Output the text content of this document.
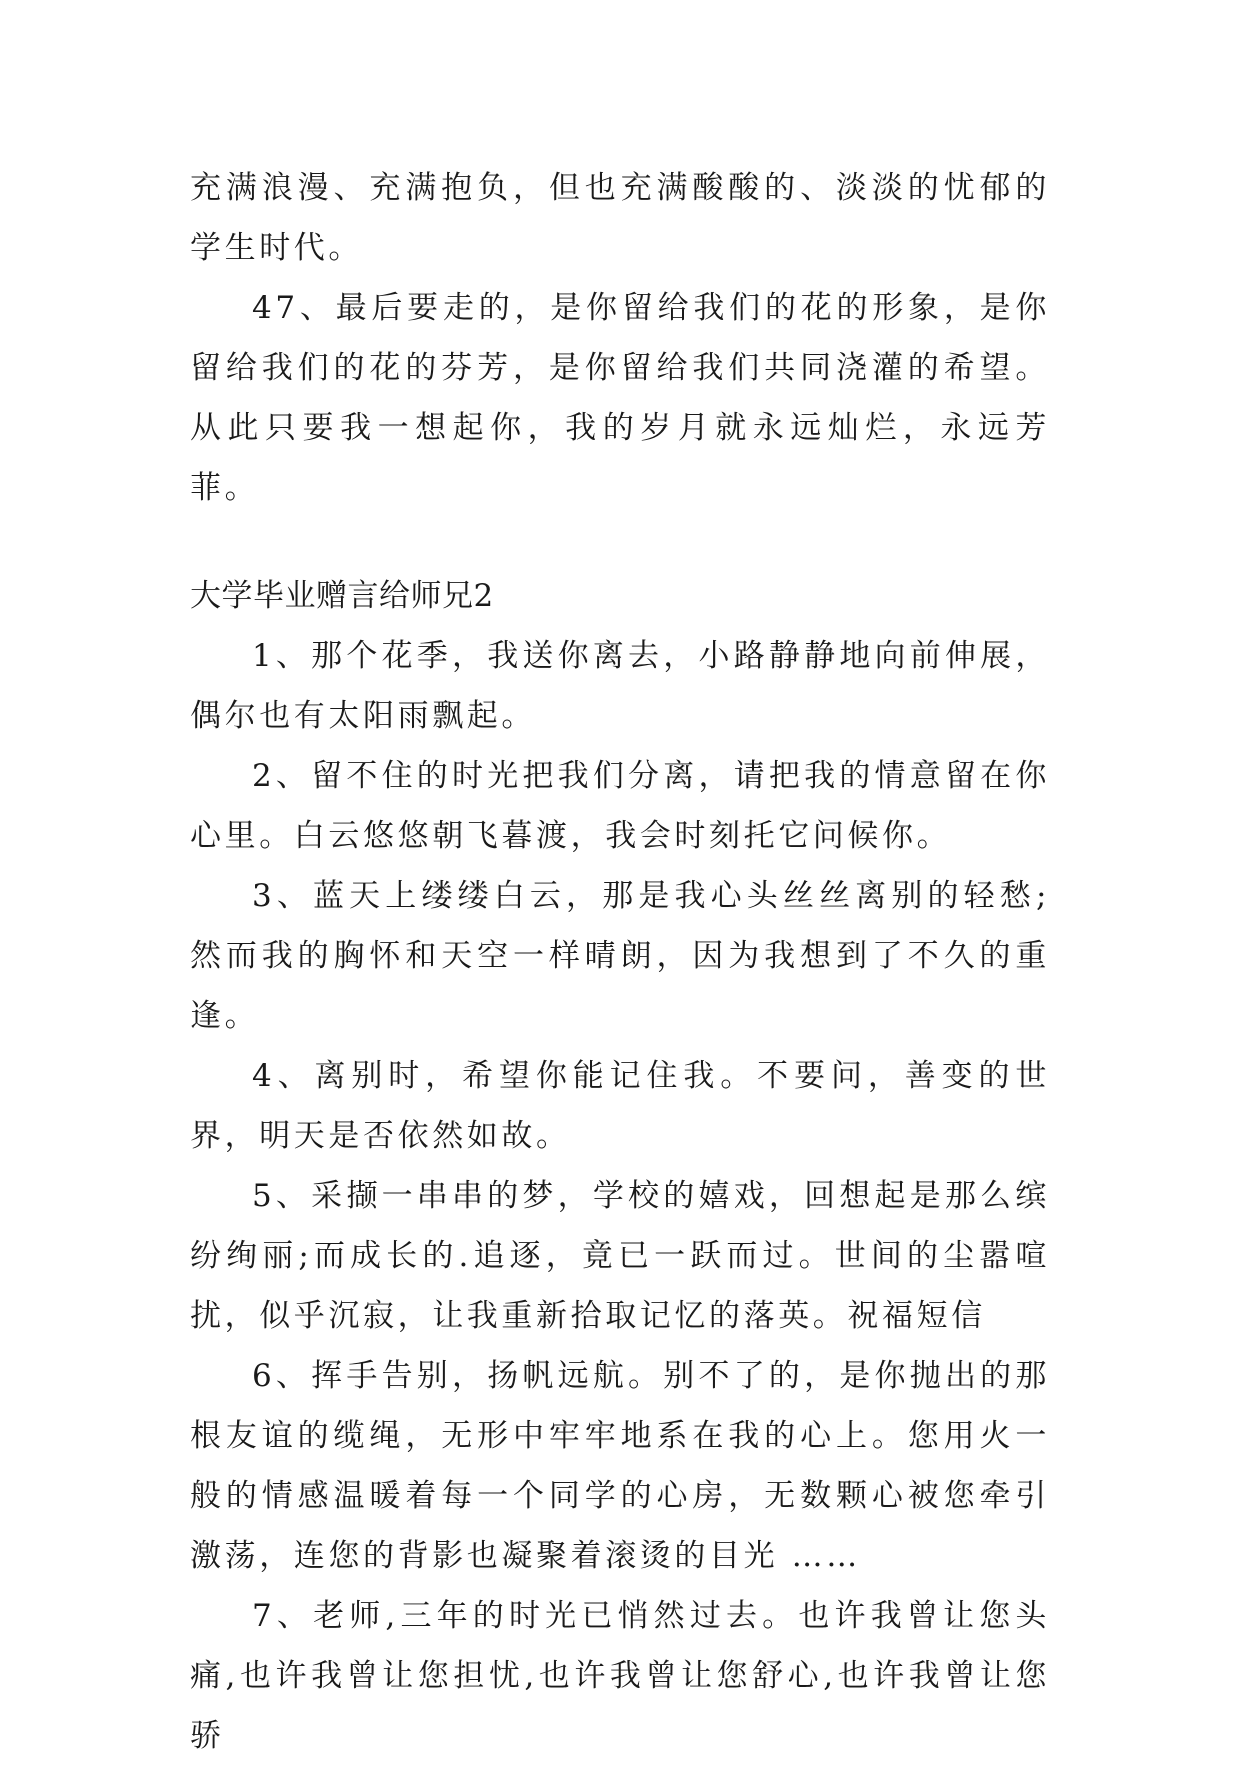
充满浪漫、充满抱负，但也充满酸酸的、淡淡的忧郁的学生时代。

47、最后要走的，是你留给我们的花的形象，是你留给我们的花的芬芳，是你留给我们共同浇灌的希望。从此只要我一想起你，我的岁月就永远灿烂，永远芳菲。

大学毕业赠言给师兄2

1、那个花季，我送你离去，小路静静地向前伸展，偶尔也有太阳雨飘起。

2、留不住的时光把我们分离，请把我的情意留在你心里。白云悠悠朝飞暮渡，我会时刻托它问候你。

3、蓝天上缕缕白云，那是我心头丝丝离别的轻愁;然而我的胸怀和天空一样晴朗，因为我想到了不久的重逢。

4、离别时，希望你能记住我。不要问，善变的世界，明天是否依然如故。

5、采撷一串串的梦，学校的嬉戏，回想起是那么缤纷绚丽;而成长的.追逐，竟已一跃而过。世间的尘嚣喧扰，似乎沉寂，让我重新拾取记忆的落英。祝福短信

6、挥手告别，扬帆远航。别不了的，是你抛出的那根友谊的缆绳，无形中牢牢地系在我的心上。您用火一般的情感温暖着每一个同学的心房，无数颗心被您牵引激荡，连您的背影也凝聚着滚烫的目光 ……

7、老师,三年的时光已悄然过去。也许我曾让您头痛,也许我曾让您担忧,也许我曾让您舒心,也许我曾让您骄
